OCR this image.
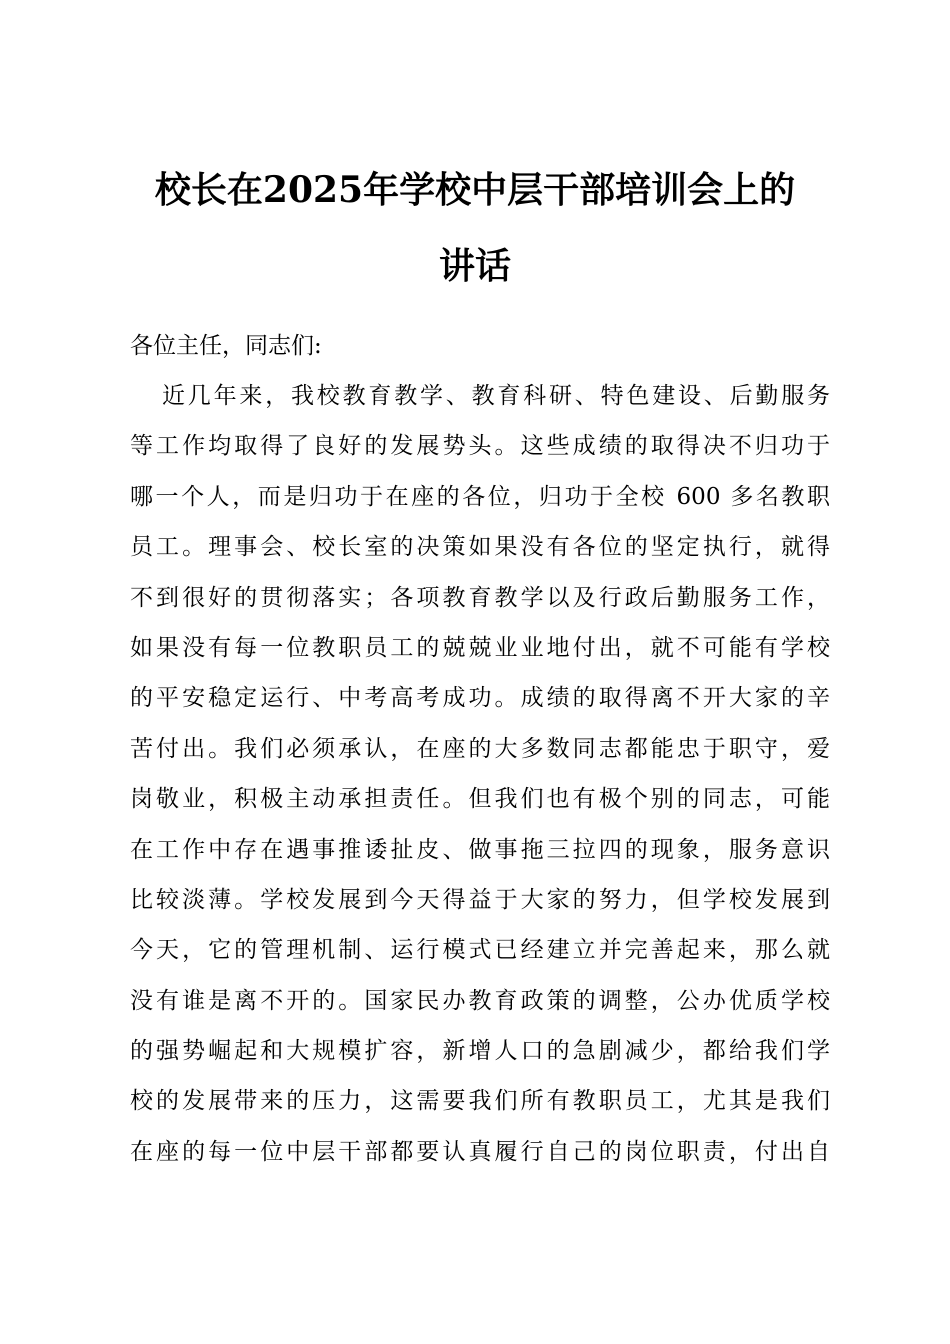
校长在2025年学校中层干部培训会上的
讲话
各位主任，同志们:
近几年来，我校教育教学、教育科研、特色建设、后勤服务
等工作均取得了良好的发展势头。这些成绩的取得决不归功于
哪一个人，而是归功于在座的各位，归功于全校 600 多名教职
员工。理事会、校长室的决策如果没有各位的坚定执行，就得
不到很好的贯彻落实；各项教育教学以及行政后勤服务工作，
如果没有每一位教职员工的兢兢业业地付出，就不可能有学校
的平安稳定运行、中考高考成功。成绩的取得离不开大家的辛
苦付出。我们必须承认，在座的大多数同志都能忠于职守，爱
岗敬业，积极主动承担责任。但我们也有极个别的同志，可能
在工作中存在遇事推诿扯皮、做事拖三拉四的现象，服务意识
比较淡薄。学校发展到今天得益于大家的努力，但学校发展到
今天，它的管理机制、运行模式已经建立并完善起来，那么就
没有谁是离不开的。国家民办教育政策的调整，公办优质学校
的强势崛起和大规模扩容，新增人口的急剧减少，都给我们学
校的发展带来的压力，这需要我们所有教职员工，尤其是我们
在座的每一位中层干部都要认真履行自己的岗位职责，付出自
